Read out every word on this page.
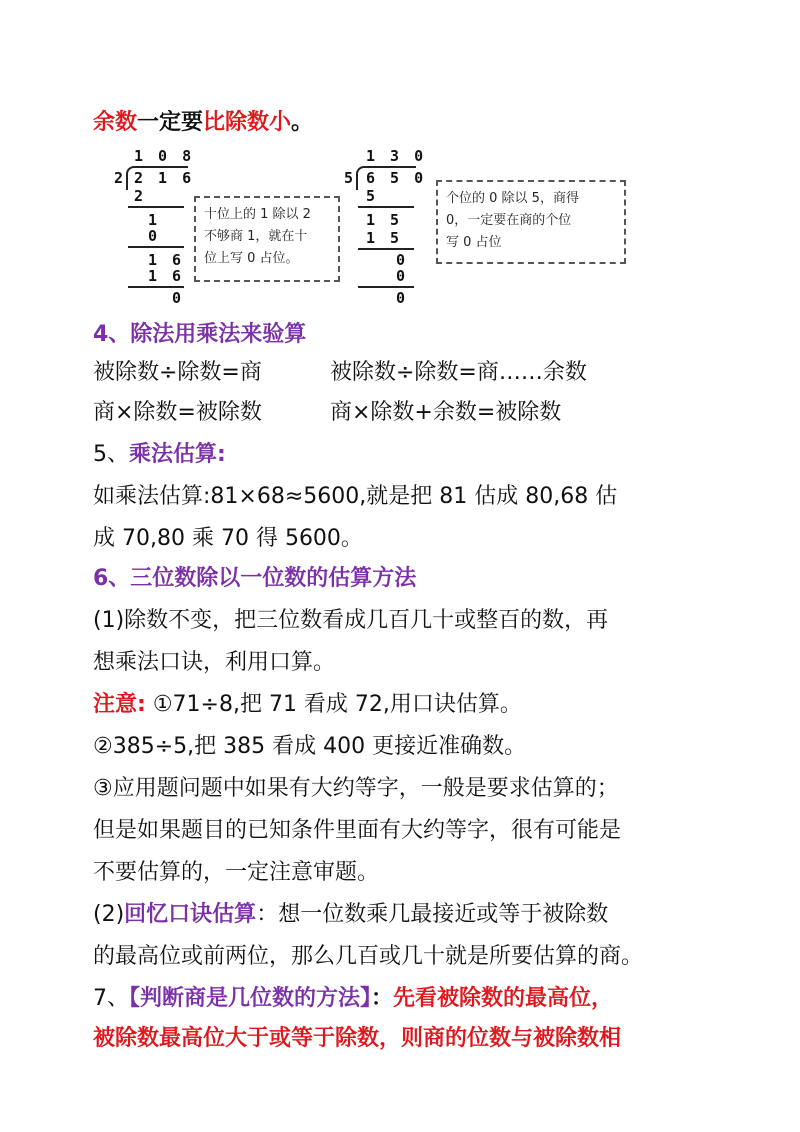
余数一定要比除数小。
1 0 8
2 2 1 6
2
1
0
1 6
1 6
0
十位上的 1 除以 2
不够商 1，就在十
位上写 0 占位。
1 3 0
5 6 5 0
5
1 5
1 5
0
0
0
个位的 0 除以 5，商得
0，一定要在商的个位
写 0 占位
4、除法用乘法来验算
被除数÷除数=商	被除数÷除数=商……余数
商×除数=被除数	商×除数+余数=被除数
5、乘法估算:
如乘法估算:81×68≈5600,就是把 81 估成 80,68 估
成 70,80 乘 70 得 5600。
6、三位数除以一位数的估算方法
(1)除数不变，把三位数看成几百几十或整百的数，再
想乘法口诀，利用口算。
注意: ①71÷8,把 71 看成 72,用口诀估算。
②385÷5,把 385 看成 400 更接近准确数。
③应用题问题中如果有大约等字，一般是要求估算的；
但是如果题目的已知条件里面有大约等字，很有可能是
不要估算的，一定注意审题。
(2)回忆口诀估算：想一位数乘几最接近或等于被除数
的最高位或前两位，那么几百或几十就是所要估算的商。
7、【判断商是几位数的方法】：先看被除数的最高位，
被除数最高位大于或等于除数，则商的位数与被除数相
